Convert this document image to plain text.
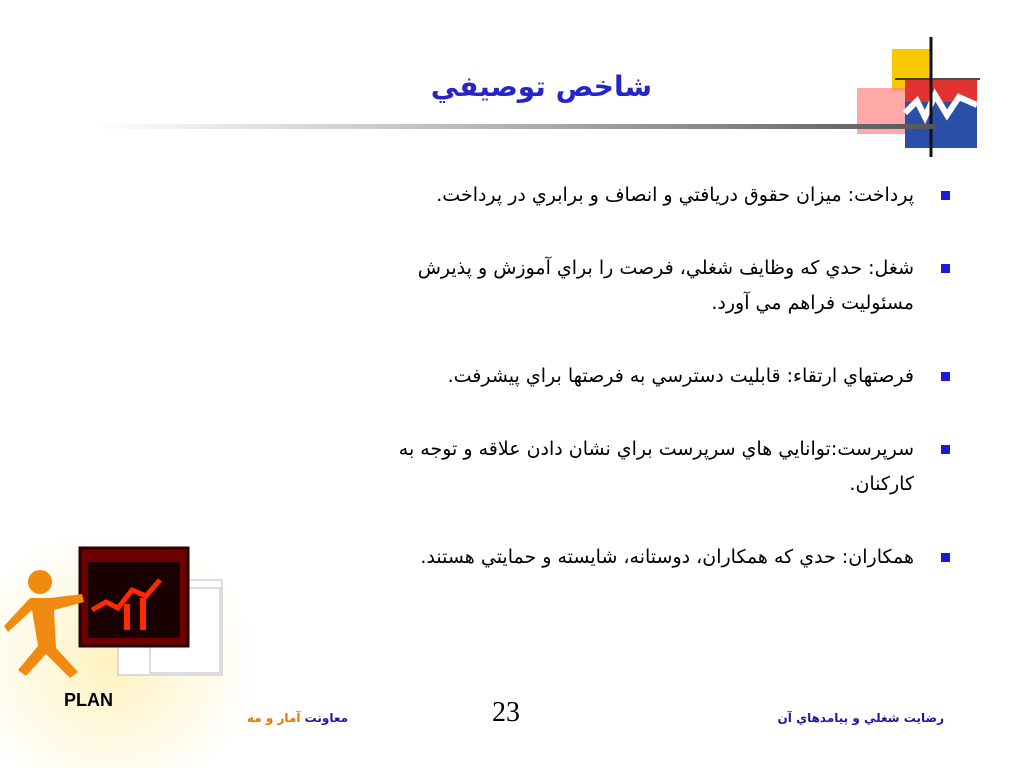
شاخص توصيفي
پرداخت: ميزان حقوق دريافتي و انصاف و برابري در پرداخت.
شغل: حدي كه وظايف شغلي، فرصت را براي آموزش و پذيرش مسئوليت فراهم مي آورد.
فرصتهاي ارتقاء: قابليت دسترسي به فرصتها براي پيشرفت.
سرپرست:توانايي هاي سرپرست براي نشان دادن علاقه و توجه به كاركنان.
همكاران: حدي كه همكاران، دوستانه، شايسته و حمايتي هستند.
PLAN	23
معاونت آمار و مه	رضايت شغلي و پيامدهاي آن
